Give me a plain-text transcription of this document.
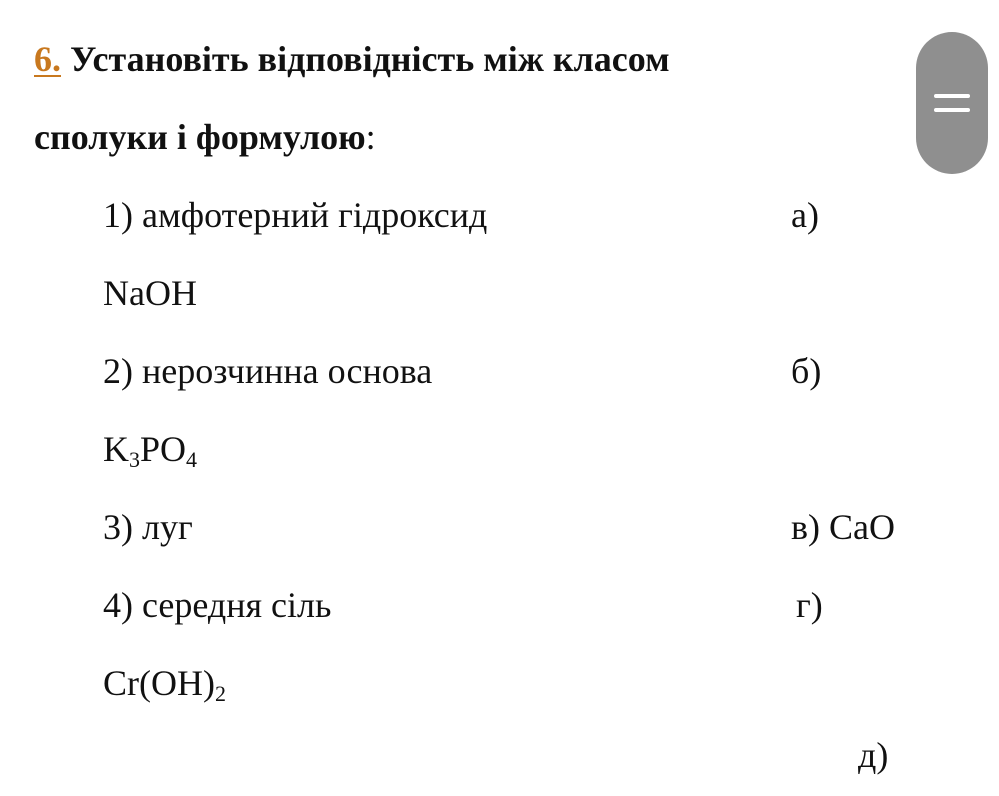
6. Установіть відповідність між класом
сполуки і формулою:
1) амфотерний гідроксид	а)
NaOH
2) нерозчинна основа	б)
$K_3PO_4$
3) луг	в) CaO
4) середня сіль	г)
$Cr(OH)_2$
д)
